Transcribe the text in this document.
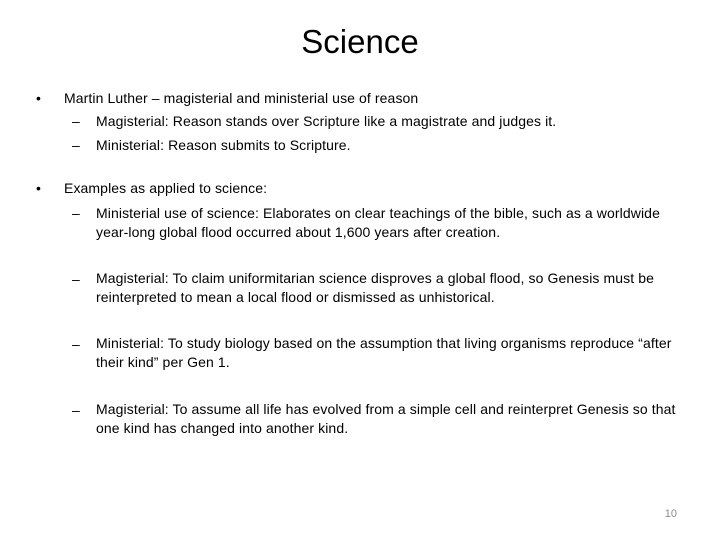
Science
• Martin Luther – magisterial and ministerial use of reason
– Magisterial: Reason stands over Scripture like a magistrate and judges it.
– Ministerial: Reason submits to Scripture.
• Examples as applied to science:
– Ministerial use of science: Elaborates on clear teachings of the bible, such as a worldwide year-long global flood occurred about 1,600 years after creation.
– Magisterial: To claim uniformitarian science disproves a global flood, so Genesis must be reinterpreted to mean a local flood or dismissed as unhistorical.
– Ministerial: To study biology based on the assumption that living organisms reproduce “after their kind” per Gen 1.
– Magisterial: To assume all life has evolved from a simple cell and reinterpret Genesis so that one kind has changed into another kind.
10
